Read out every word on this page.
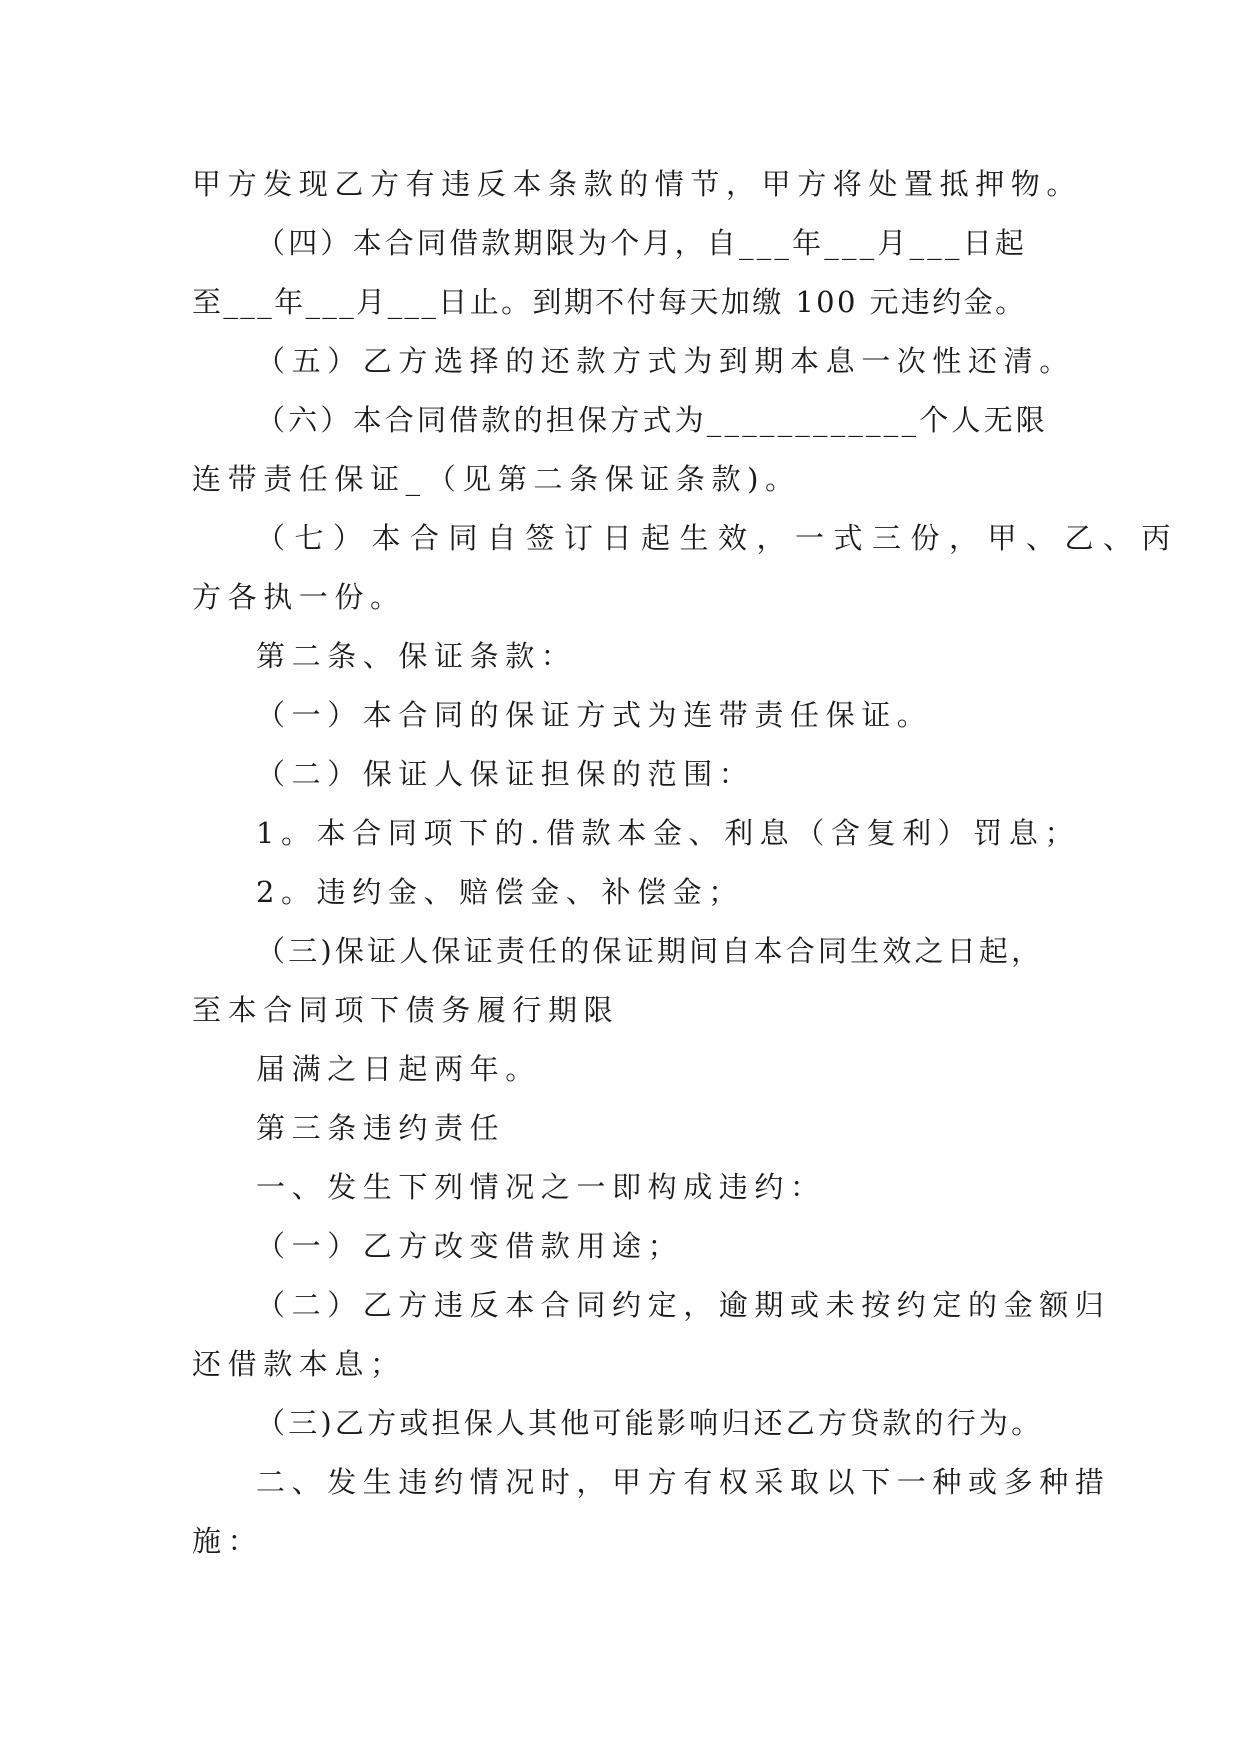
甲方发现乙方有违反本条款的情节，甲方将处置抵押物。

（四）本合同借款期限为个月，自___年___月___日起

至___年___月___日止。到期不付每天加缴 100 元违约金。

（五）乙方选择的还款方式为到期本息一次性还清。

（六）本合同借款的担保方式为____________个人无限

连带责任保证_（见第二条保证条款)。

（七）本合同自签订日起生效，一式三份，甲、乙、丙

方各执一份。

第二条、保证条款：

（一）本合同的保证方式为连带责任保证。

（二）保证人保证担保的范围：

1。本合同项下的.借款本金、利息（含复利）罚息；

2。违约金、赔偿金、补偿金；

（三)保证人保证责任的保证期间自本合同生效之日起，

至本合同项下债务履行期限

届满之日起两年。

第三条违约责任

一、发生下列情况之一即构成违约：

（一）乙方改变借款用途；

（二）乙方违反本合同约定，逾期或未按约定的金额归

还借款本息；

（三)乙方或担保人其他可能影响归还乙方贷款的行为。

二、发生违约情况时，甲方有权采取以下一种或多种措

施：
